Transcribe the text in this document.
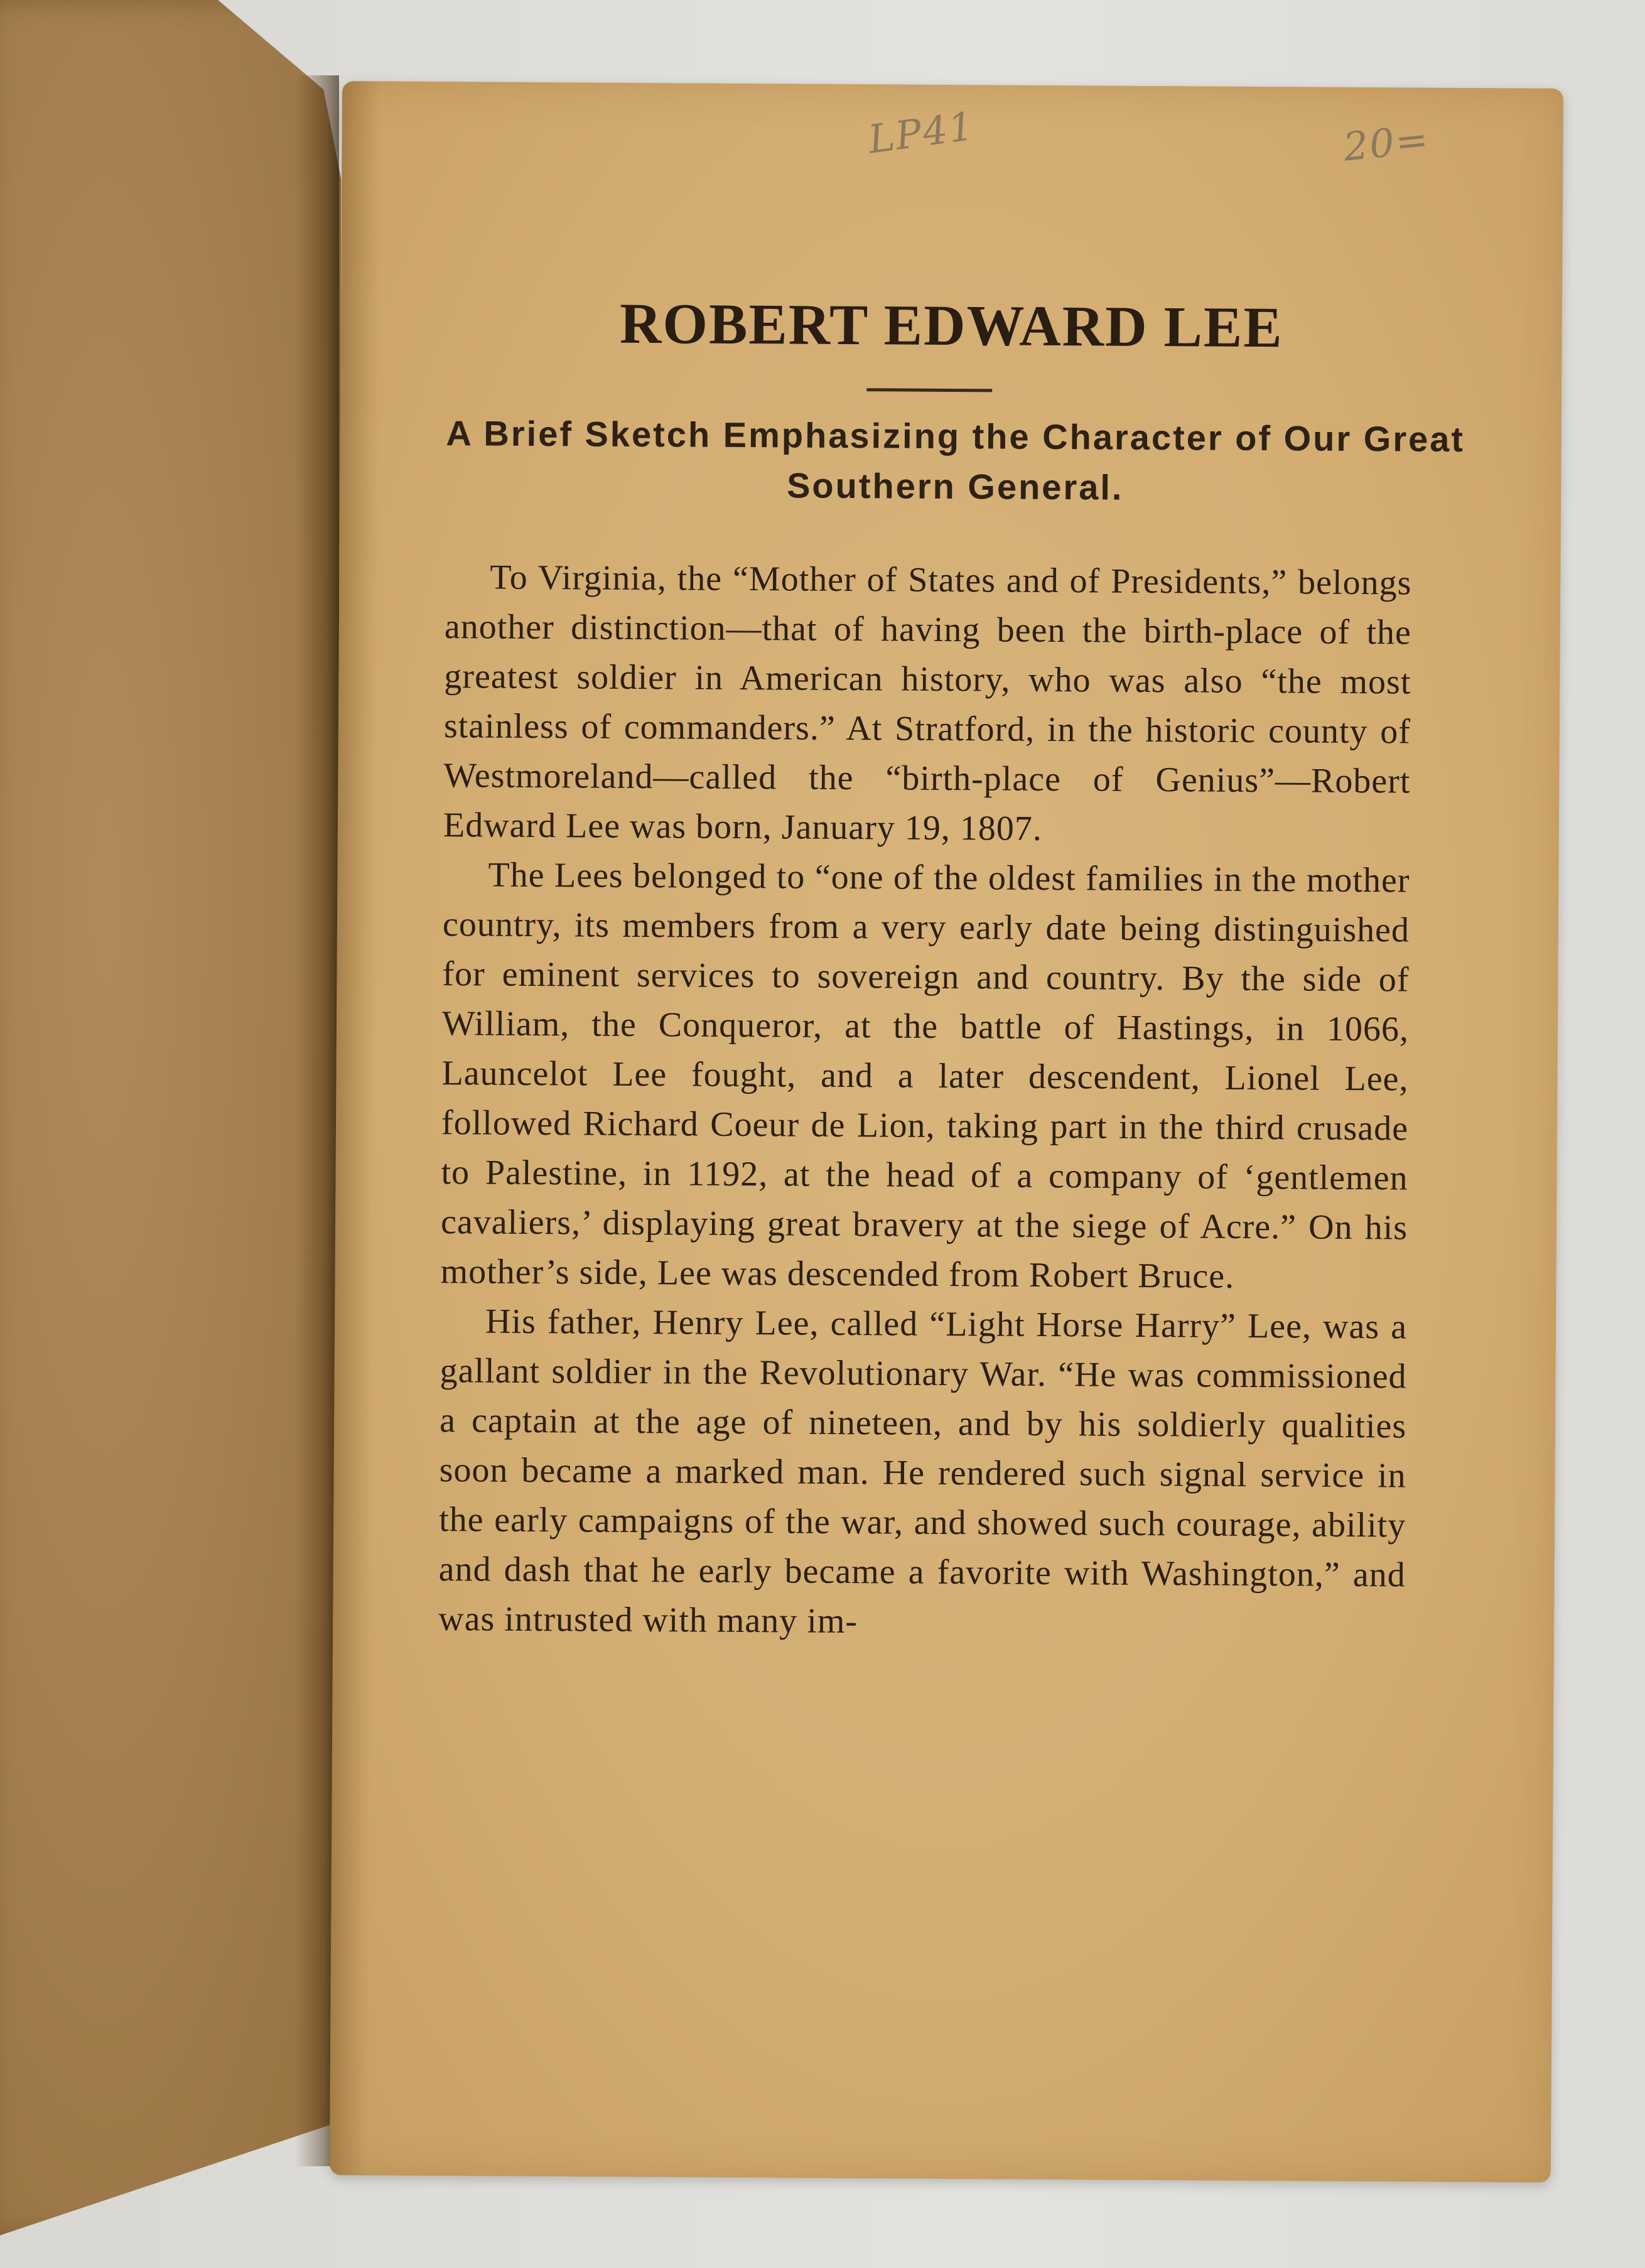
LP41	20=
ROBERT EDWARD LEE
A Brief Sketch Emphasizing the Character of Our Great Southern General.

To Virginia, the “Mother of States and of Presidents,” belongs another distinction—that of having been the birth-place of the greatest soldier in American history, who was also “the most stainless of commanders.” At Stratford, in the historic county of Westmoreland—called the “birth-place of Genius”—Robert Edward Lee was born, January 19, 1807.

The Lees belonged to “one of the oldest families in the mother country, its members from a very early date being distinguished for eminent services to sovereign and country. By the side of William, the Conqueror, at the battle of Hastings, in 1066, Launcelot Lee fought, and a later descendent, Lionel Lee, followed Richard Coeur de Lion, taking part in the third crusade to Palestine, in 1192, at the head of a company of ‘gentlemen cavaliers,’ displaying great bravery at the siege of Acre.” On his mother’s side, Lee was descended from Robert Bruce.

His father, Henry Lee, called “Light Horse Harry” Lee, was a gallant soldier in the Revolutionary War. “He was commissioned a captain at the age of nineteen, and by his soldierly qualities soon became a marked man. He rendered such signal service in the early campaigns of the war, and showed such courage, ability and dash that he early became a favorite with Washington,” and was intrusted with many im-
